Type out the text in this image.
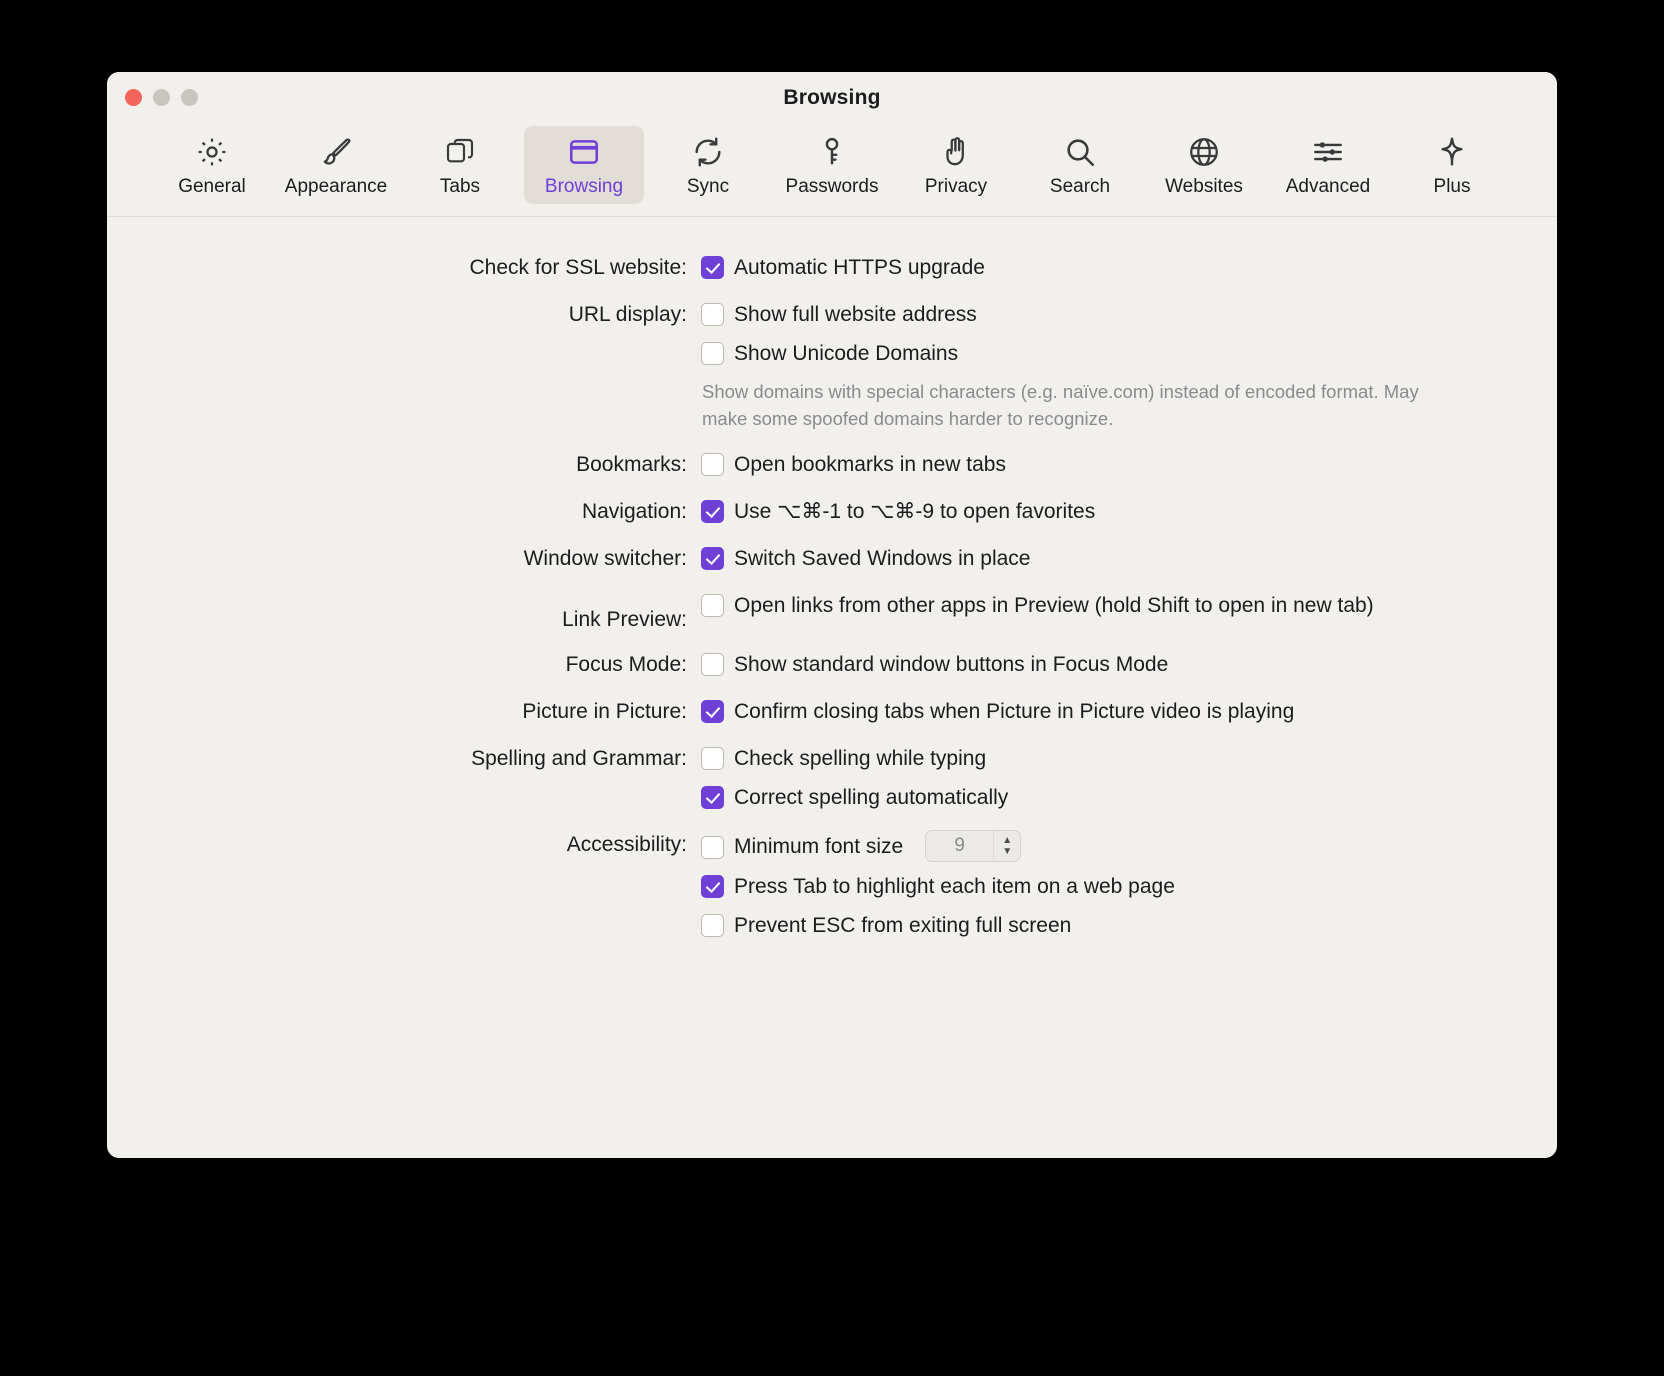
Browsing
General Appearance	Tabs	Browsing	Sync	Passwords Privacy	Search	Websites Advanced	Plus
Check for SSL website:	Automatic HTTPS upgrade
URL display:	Show full website address
Show Unicode Domains
Show domains with special characters (e.g. naïve.com) instead of encoded format. May make some spoofed domains harder to recognize.
Bookmarks:	Open bookmarks in new tabs
Navigation:	Use ⌥⌘-1 to ⌥⌘-9 to open favorites
Window switcher:	Switch Saved Windows in place
Link Preview:
Open links from other apps in Preview (hold Shift to open in new tab)
Focus Mode:	Show standard window buttons in Focus Mode
Picture in Picture:	Confirm closing tabs when Picture in Picture video is playing
Spelling and Grammar:	Check spelling while typing
Correct spelling automatically
Accessibility:	Minimum font size	9	▲
▼
Press Tab to highlight each item on a web page
Prevent ESC from exiting full screen
